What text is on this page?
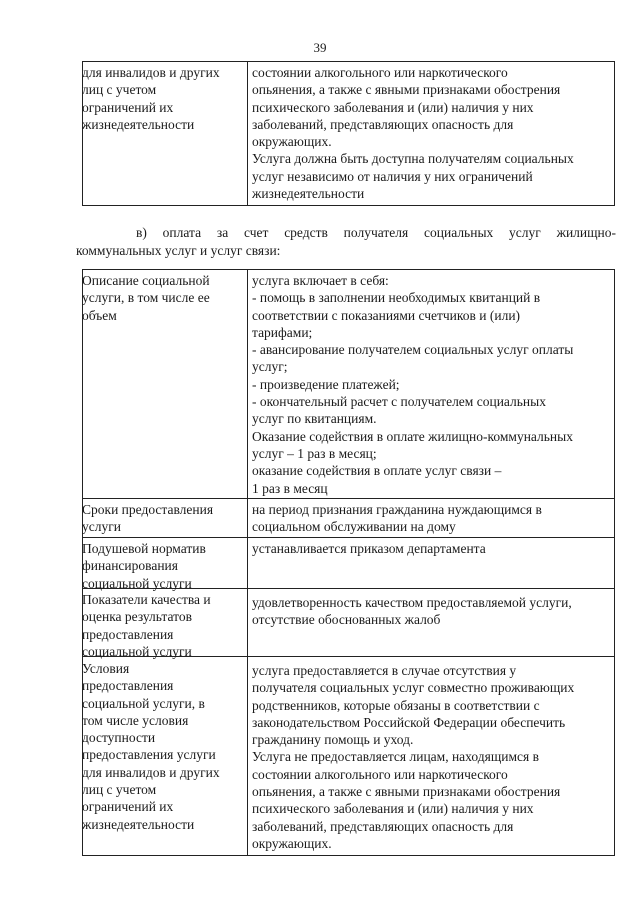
39
для инвалидов и других
лиц с учетом
ограничений их
жизнедеятельности
состоянии алкогольного или наркотического
опьянения, а также с явными признаками обострения
психического заболевания и (или) наличия у них
заболеваний, представляющих опасность для
окружающих.
Услуга должна быть доступна получателям социальных
услуг независимо от наличия у них ограничений
жизнедеятельности
в) оплата за счет средств получателя социальных услуг жилищно-
коммунальных услуг и услуг связи:
Описание социальной
услуги, в том числе ее
объем
услуга включает в себя:
- помощь в заполнении необходимых квитанций в
соответствии с показаниями счетчиков и (или)
тарифами;
- авансирование получателем социальных услуг оплаты
услуг;
- произведение платежей;
- окончательный расчет с получателем социальных
услуг по квитанциям.
Оказание содействия в оплате жилищно-коммунальных
услуг – 1 раз в месяц;
оказание содействия в оплате услуг связи –
1 раз в месяц
Сроки предоставления
услуги
на период признания гражданина нуждающимся в
социальном обслуживании на дому
Подушевой норматив
финансирования
социальной услуги
устанавливается приказом департамента
Показатели качества и
оценка результатов
предоставления
социальной услуги
удовлетворенность качеством предоставляемой услуги,
отсутствие обоснованных жалоб
Условия
предоставления
социальной услуги, в
том числе условия
доступности
предоставления услуги
для инвалидов и других
лиц с учетом
ограничений их
жизнедеятельности
услуга предоставляется в случае отсутствия у
получателя социальных услуг совместно проживающих
родственников, которые обязаны в соответствии с
законодательством Российской Федерации обеспечить
гражданину помощь и уход.
Услуга не предоставляется лицам, находящимся в
состоянии алкогольного или наркотического
опьянения, а также с явными признаками обострения
психического заболевания и (или) наличия у них
заболеваний, представляющих опасность для
окружающих.
